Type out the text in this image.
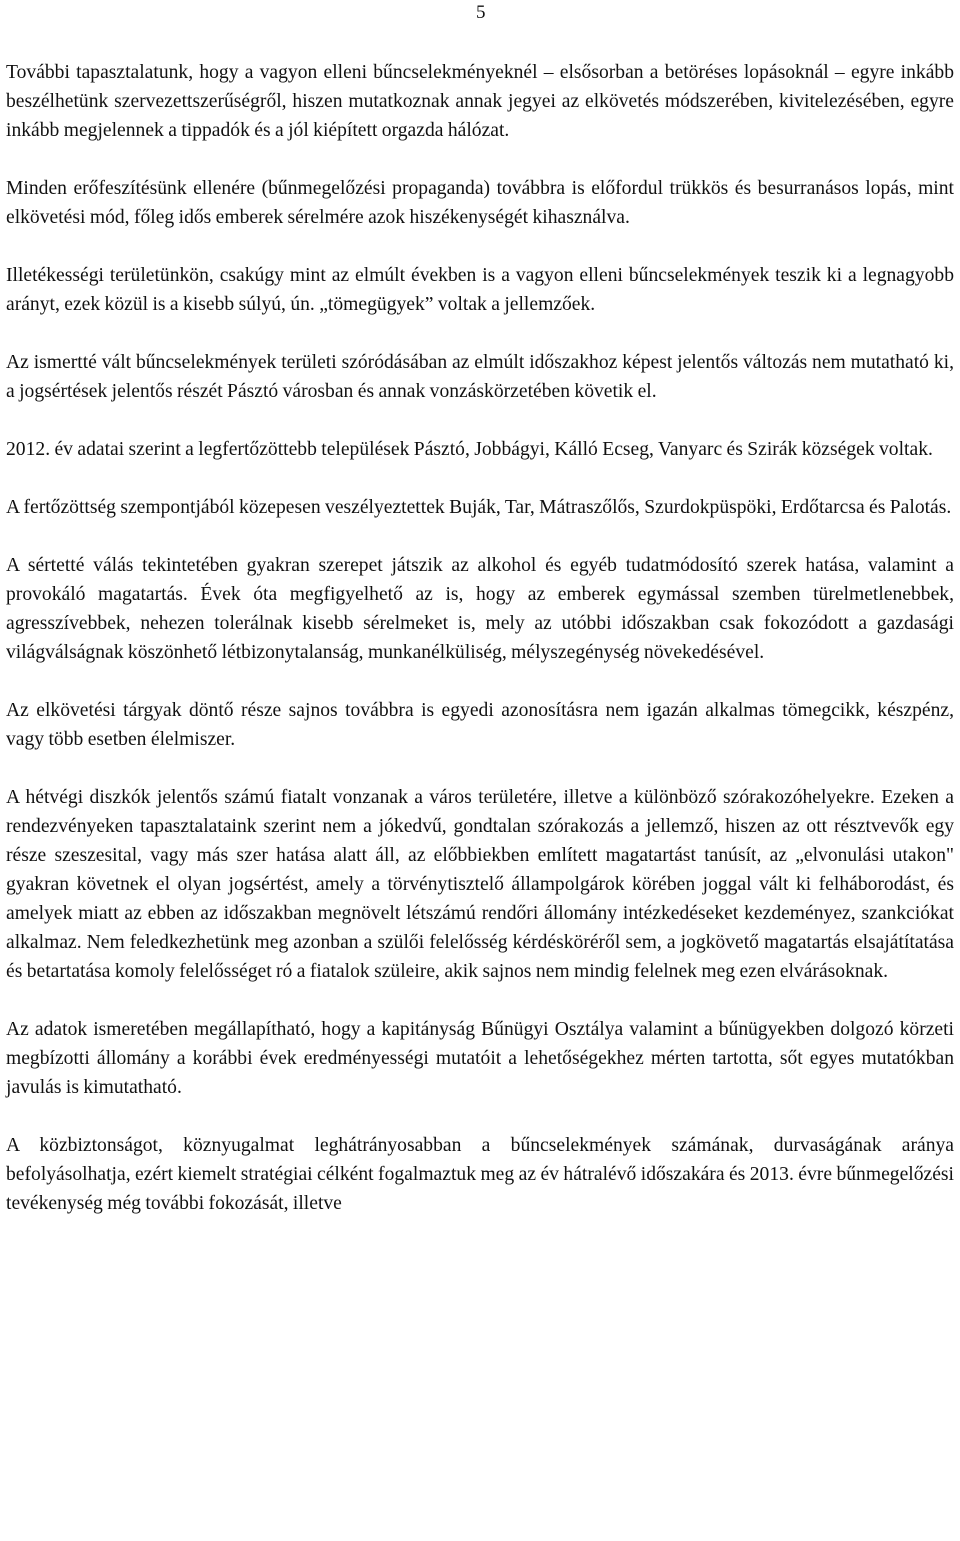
5

További tapasztalatunk, hogy a vagyon elleni bűncselekményeknél – elsősorban a betöréses lopásoknál – egyre inkább beszélhetünk szervezettszerűségről, hiszen mutatkoznak annak jegyei az elkövetés módszerében, kivitelezésében, egyre inkább megjelennek a tippadók és a jól kiépített orgazda hálózat.

Minden erőfeszítésünk ellenére (bűnmegelőzési propaganda) továbbra is előfordul trükkös és besurranásos lopás, mint elkövetési mód, főleg idős emberek sérelmére azok hiszékenységét kihasználva.

Illetékességi területünkön, csakúgy mint az elmúlt években is a vagyon elleni bűncselekmények teszik ki a legnagyobb arányt, ezek közül is a kisebb súlyú, ún. „tömegügyek” voltak a jellemzőek.

Az ismertté vált bűncselekmények területi szóródásában az elmúlt időszakhoz képest jelentős változás nem mutatható ki, a jogsértések jelentős részét Pásztó városban és annak vonzáskörzetében követik el.

2012. év adatai szerint a legfertőzöttebb települések Pásztó, Jobbágyi, Kálló Ecseg, Vanyarc és Szirák községek voltak.

A fertőzöttség szempontjából közepesen veszélyeztettek Buják, Tar, Mátraszőlős, Szurdokpüspöki, Erdőtarcsa és Palotás.

A sértetté válás tekintetében gyakran szerepet játszik az alkohol és egyéb tudatmódosító szerek hatása, valamint a provokáló magatartás. Évek óta megfigyelhető az is, hogy az emberek egymással szemben türelmetlenebbek, agresszívebbek, nehezen tolerálnak kisebb sérelmeket is, mely az utóbbi időszakban csak fokozódott a gazdasági világválságnak köszönhető létbizonytalanság, munkanélküliség, mélyszegénység növekedésével.

Az elkövetési tárgyak döntő része sajnos továbbra is egyedi azonosításra nem igazán alkalmas tömegcikk, készpénz, vagy több esetben élelmiszer.

A hétvégi diszkók jelentős számú fiatalt vonzanak a város területére, illetve a különböző szórakozóhelyekre. Ezeken a rendezvényeken tapasztalataink szerint nem a jókedvű, gondtalan szórakozás a jellemző, hiszen az ott résztvevők egy része szeszesital, vagy más szer hatása alatt áll, az előbbiekben említett magatartást tanúsít, az „elvonulási utakon" gyakran követnek el olyan jogsértést, amely a törvénytisztelő állampolgárok körében joggal vált ki felháborodást, és amelyek miatt az ebben az időszakban megnövelt létszámú rendőri állomány intézkedéseket kezdeményez, szankciókat alkalmaz. Nem feledkezhetünk meg azonban a szülői felelősség kérdésköréről sem, a jogkövető magatartás elsajátítatása és betartatása komoly felelősséget ró a fiatalok szüleire, akik sajnos nem mindig felelnek meg ezen elvárásoknak.

Az adatok ismeretében megállapítható, hogy a kapitányság Bűnügyi Osztálya valamint a bűnügyekben dolgozó körzeti megbízotti állomány a korábbi évek eredményességi mutatóit a lehetőségekhez mérten tartotta, sőt egyes mutatókban javulás is kimutatható.

A közbiztonságot, köznyugalmat leghátrányosabban a bűncselekmények számának, durvaságának aránya befolyásolhatja, ezért kiemelt stratégiai célként fogalmaztuk meg az év hátralévő időszakára és 2013. évre bűnmegelőzési tevékenység még további fokozását, illetve
